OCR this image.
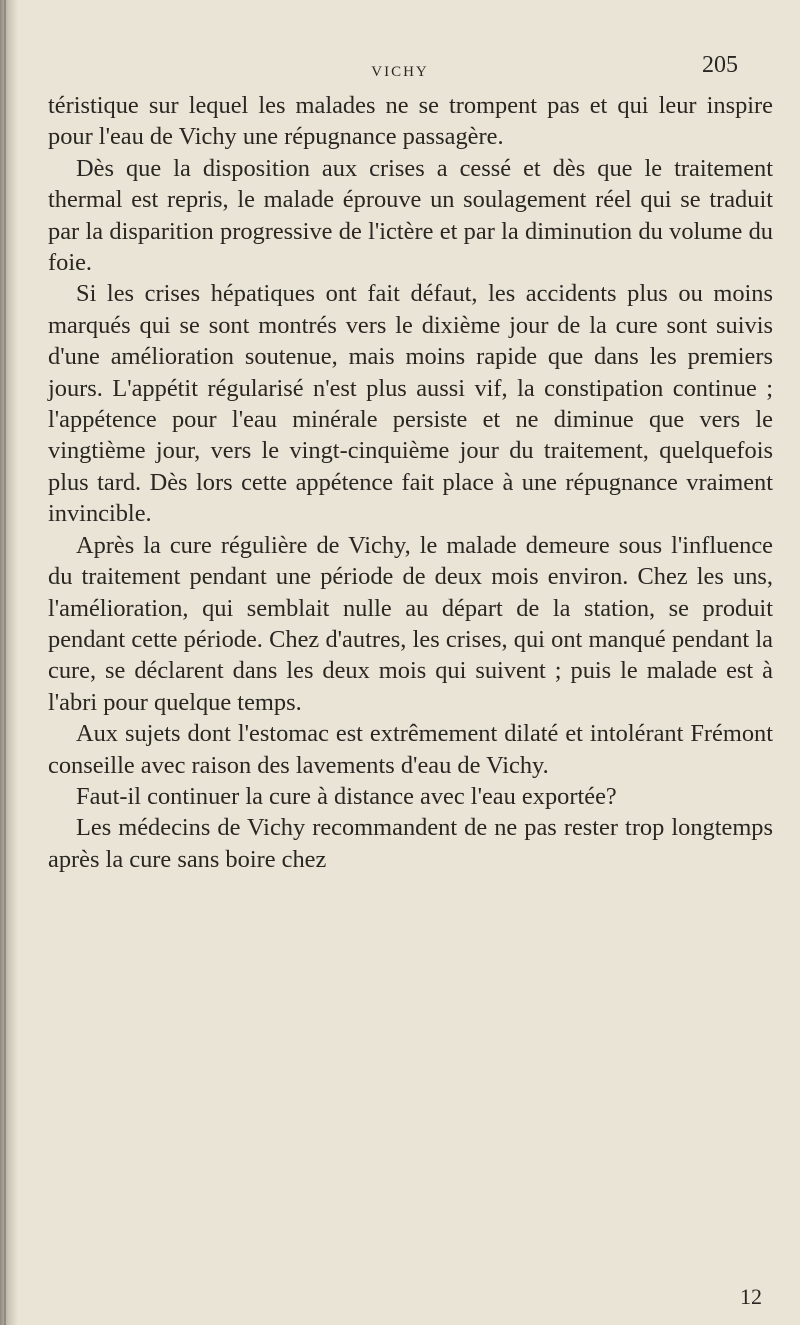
VICHY	205

téristique sur lequel les malades ne se trompent pas et qui leur inspire pour l'eau de Vichy une répugnance passagère.

Dès que la disposition aux crises a cessé et dès que le traitement thermal est repris, le malade éprouve un soulagement réel qui se traduit par la disparition progressive de l'ictère et par la diminution du volume du foie.

Si les crises hépatiques ont fait défaut, les accidents plus ou moins marqués qui se sont montrés vers le dixième jour de la cure sont suivis d'une amélioration soutenue, mais moins rapide que dans les premiers jours. L'appétit régularisé n'est plus aussi vif, la constipation continue ; l'appétence pour l'eau minérale persiste et ne diminue que vers le vingtième jour, vers le vingt-cinquième jour du traitement, quelquefois plus tard. Dès lors cette appétence fait place à une répugnance vraiment invincible.

Après la cure régulière de Vichy, le malade demeure sous l'influence du traitement pendant une période de deux mois environ. Chez les uns, l'amélioration, qui semblait nulle au départ de la station, se produit pendant cette période. Chez d'autres, les crises, qui ont manqué pendant la cure, se déclarent dans les deux mois qui suivent ; puis le malade est à l'abri pour quelque temps.

Aux sujets dont l'estomac est extrêmement dilaté et intolérant Frémont conseille avec raison des lavements d'eau de Vichy.

Faut-il continuer la cure à distance avec l'eau exportée?

Les médecins de Vichy recommandent de ne pas rester trop longtemps après la cure sans boire chez

12
